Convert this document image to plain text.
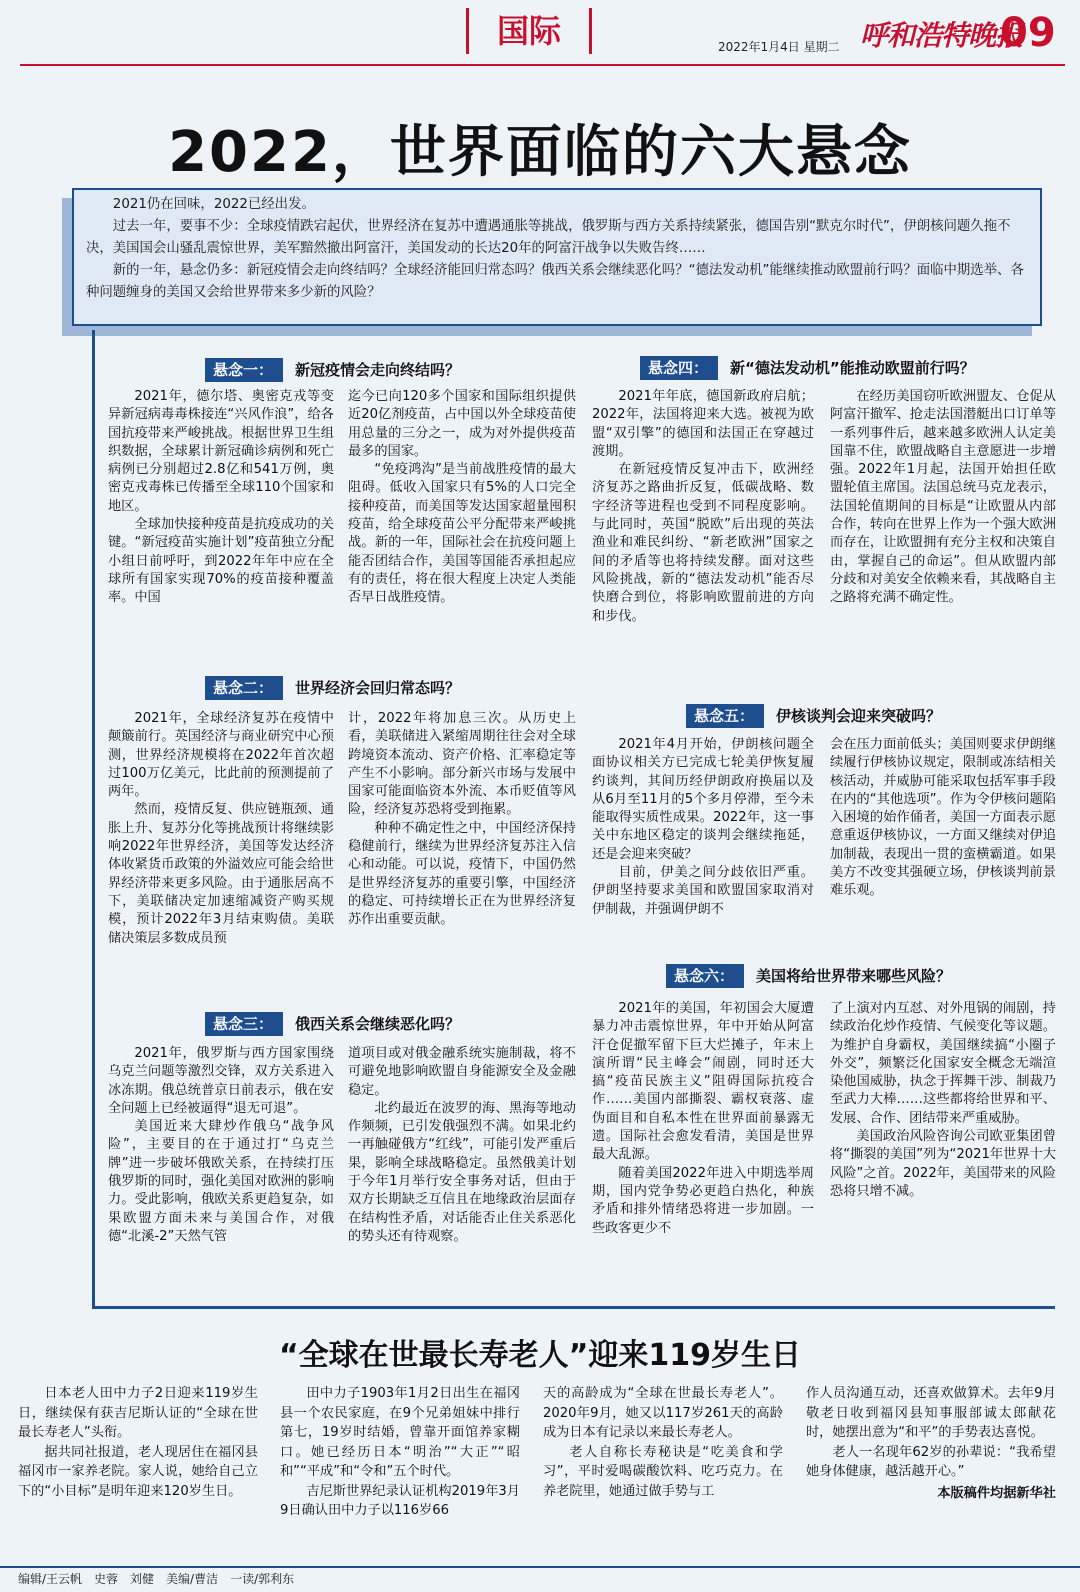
国际	2022年1月4日 星期二 呼和浩特晚报
09
2022，世界面临的六大悬念

2021仍在回味，2022已经出发。

过去一年，要事不少：全球疫情跌宕起伏，世界经济在复苏中遭遇通胀等挑战，俄罗斯与西方关系持续紧张，德国告别“默克尔时代”，伊朗核问题久拖不决，美国国会山骚乱震惊世界，美军黯然撤出阿富汗，美国发动的长达20年的阿富汗战争以失败告终……

新的一年，悬念仍多：新冠疫情会走向终结吗？全球经济能回归常态吗？俄西关系会继续恶化吗？“德法发动机”能继续推动欧盟前行吗？面临中期选举、各种问题缠身的美国又会给世界带来多少新的风险？

悬念一： 新冠疫情会走向终结吗？

2021年，德尔塔、奥密克戎等变异新冠病毒毒株接连“兴风作浪”，给各国抗疫带来严峻挑战。根据世界卫生组织数据，全球累计新冠确诊病例和死亡病例已分别超过2.8亿和541万例，奥密克戎毒株已传播至全球110个国家和地区。

全球加快接种疫苗是抗疫成功的关键。“新冠疫苗实施计划”疫苗独立分配小组日前呼吁，到2022年年中应在全球所有国家实现70%的疫苗接种覆盖率。中国

迄今已向120多个国家和国际组织提供近20亿剂疫苗，占中国以外全球疫苗使用总量的三分之一，成为对外提供疫苗最多的国家。

“免疫鸿沟”是当前战胜疫情的最大阻碍。低收入国家只有5%的人口完全接种疫苗，而美国等发达国家超量囤积疫苗，给全球疫苗公平分配带来严峻挑战。新的一年，国际社会在抗疫问题上能否团结合作，美国等国能否承担起应有的责任，将在很大程度上决定人类能否早日战胜疫情。

悬念二： 世界经济会回归常态吗？

2021年，全球经济复苏在疫情中颠簸前行。英国经济与商业研究中心预测，世界经济规模将在2022年首次超过100万亿美元，比此前的预测提前了两年。

然而，疫情反复、供应链瓶颈、通胀上升、复苏分化等挑战预计将继续影响2022年世界经济，美国等发达经济体收紧货币政策的外溢效应可能会给世界经济带来更多风险。由于通胀居高不下，美联储决定加速缩减资产购买规模，预计2022年3月结束购债。美联储决策层多数成员预

计，2022年将加息三次。从历史上看，美联储进入紧缩周期往往会对全球跨境资本流动、资产价格、汇率稳定等产生不小影响。部分新兴市场与发展中国家可能面临资本外流、本币贬值等风险，经济复苏恐将受到拖累。

种种不确定性之中，中国经济保持稳健前行，继续为世界经济复苏注入信心和动能。可以说，疫情下，中国仍然是世界经济复苏的重要引擎，中国经济的稳定、可持续增长正在为世界经济复苏作出重要贡献。

悬念三： 俄西关系会继续恶化吗？

2021年，俄罗斯与西方国家围绕乌克兰问题等激烈交锋，双方关系进入冰冻期。俄总统普京日前表示，俄在安全问题上已经被逼得“退无可退”。

美国近来大肆炒作俄乌“战争风险”，主要目的在于通过打“乌克兰牌”进一步破坏俄欧关系，在持续打压俄罗斯的同时，强化美国对欧洲的影响力。受此影响，俄欧关系更趋复杂，如果欧盟方面未来与美国合作，对俄德“北溪-2”天然气管

道项目或对俄金融系统实施制裁，将不可避免地影响欧盟自身能源安全及金融稳定。

北约最近在波罗的海、黑海等地动作频频，已引发俄强烈不满。如果北约一再触碰俄方“红线”，可能引发严重后果，影响全球战略稳定。虽然俄美计划于今年1月举行安全事务对话，但由于双方长期缺乏互信且在地缘政治层面存在结构性矛盾，对话能否止住关系恶化的势头还有待观察。

悬念四： 新“德法发动机”能推动欧盟前行吗？

2021年年底，德国新政府启航；2022年，法国将迎来大选。被视为欧盟“双引擎”的德国和法国正在穿越过渡期。

在新冠疫情反复冲击下，欧洲经济复苏之路曲折反复，低碳战略、数字经济等进程也受到不同程度影响。与此同时，英国“脱欧”后出现的英法渔业和难民纠纷、“新老欧洲”国家之间的矛盾等也将持续发酵。面对这些风险挑战，新的“德法发动机”能否尽快磨合到位，将影响欧盟前进的方向和步伐。

在经历美国窃听欧洲盟友、仓促从阿富汗撤军、抢走法国潜艇出口订单等一系列事件后，越来越多欧洲人认定美国靠不住，欧盟战略自主意愿进一步增强。2022年1月起，法国开始担任欧盟轮值主席国。法国总统马克龙表示，法国轮值期间的目标是“让欧盟从内部合作，转向在世界上作为一个强大欧洲而存在，让欧盟拥有充分主权和决策自由，掌握自己的命运”。但从欧盟内部分歧和对美安全依赖来看，其战略自主之路将充满不确定性。

悬念五： 伊核谈判会迎来突破吗？

2021年4月开始，伊朗核问题全面协议相关方已完成七轮美伊恢复履约谈判，其间历经伊朗政府换届以及从6月至11月的5个多月停滞，至今未能取得实质性成果。2022年，这一事关中东地区稳定的谈判会继续拖延，还是会迎来突破？

目前，伊美之间分歧依旧严重。伊朗坚持要求美国和欧盟国家取消对伊制裁，并强调伊朗不

会在压力面前低头；美国则要求伊朗继续履行伊核协议规定，限制或冻结相关核活动，并威胁可能采取包括军事手段在内的“其他选项”。作为令伊核问题陷入困境的始作俑者，美国一方面表示愿意重返伊核协议，一方面又继续对伊追加制裁，表现出一贯的蛮横霸道。如果美方不改变其强硬立场，伊核谈判前景难乐观。

悬念六： 美国将给世界带来哪些风险？

2021年的美国，年初国会大厦遭暴力冲击震惊世界，年中开始从阿富汗仓促撤军留下巨大烂摊子，年末上演所谓“民主峰会”闹剧，同时还大搞“疫苗民族主义”阻碍国际抗疫合作……美国内部撕裂、霸权衰落、虚伪面目和自私本性在世界面前暴露无遗。国际社会愈发看清，美国是世界最大乱源。

随着美国2022年进入中期选举周期，国内党争势必更趋白热化，种族矛盾和排外情绪恐将进一步加剧。一些政客更少不

了上演对内互怼、对外甩锅的闹剧，持续政治化炒作疫情、气候变化等议题。为维护自身霸权，美国继续搞“小圈子外交”，频繁泛化国家安全概念无端渲染他国威胁，执念于挥舞干涉、制裁乃至武力大棒……这些都将给世界和平、发展、合作、团结带来严重威胁。

美国政治风险咨询公司欧亚集团曾将“撕裂的美国”列为“2021年世界十大风险”之首。2022年，美国带来的风险恐将只增不减。

“全球在世最长寿老人”迎来119岁生日

日本老人田中力子2日迎来119岁生日，继续保有获吉尼斯认证的“全球在世最长寿老人”头衔。

据共同社报道，老人现居住在福冈县福冈市一家养老院。家人说，她给自己立下的“小目标”是明年迎来120岁生日。

田中力子1903年1月2日出生在福冈县一个农民家庭，在9个兄弟姐妹中排行第七，19岁时结婚，曾靠开面馆养家糊口。她已经历日本“明治”“大正”“昭和”“平成”和“令和”五个时代。

吉尼斯世界纪录认证机构2019年3月9日确认田中力子以116岁66

天的高龄成为“全球在世最长寿老人”。2020年9月，她又以117岁261天的高龄成为日本有记录以来最长寿老人。

老人自称长寿秘诀是“吃美食和学习”，平时爱喝碳酸饮料、吃巧克力。在养老院里，她通过做手势与工

作人员沟通互动，还喜欢做算术。去年9月敬老日收到福冈县知事服部诚太郎献花时，她摆出意为“和平”的手势表达喜悦。

老人一名现年62岁的孙辈说：“我希望她身体健康，越活越开心。”

本版稿件均据新华社
编辑/王云帆　史蓉　刘健　美编/曹洁　一读/郭利东
